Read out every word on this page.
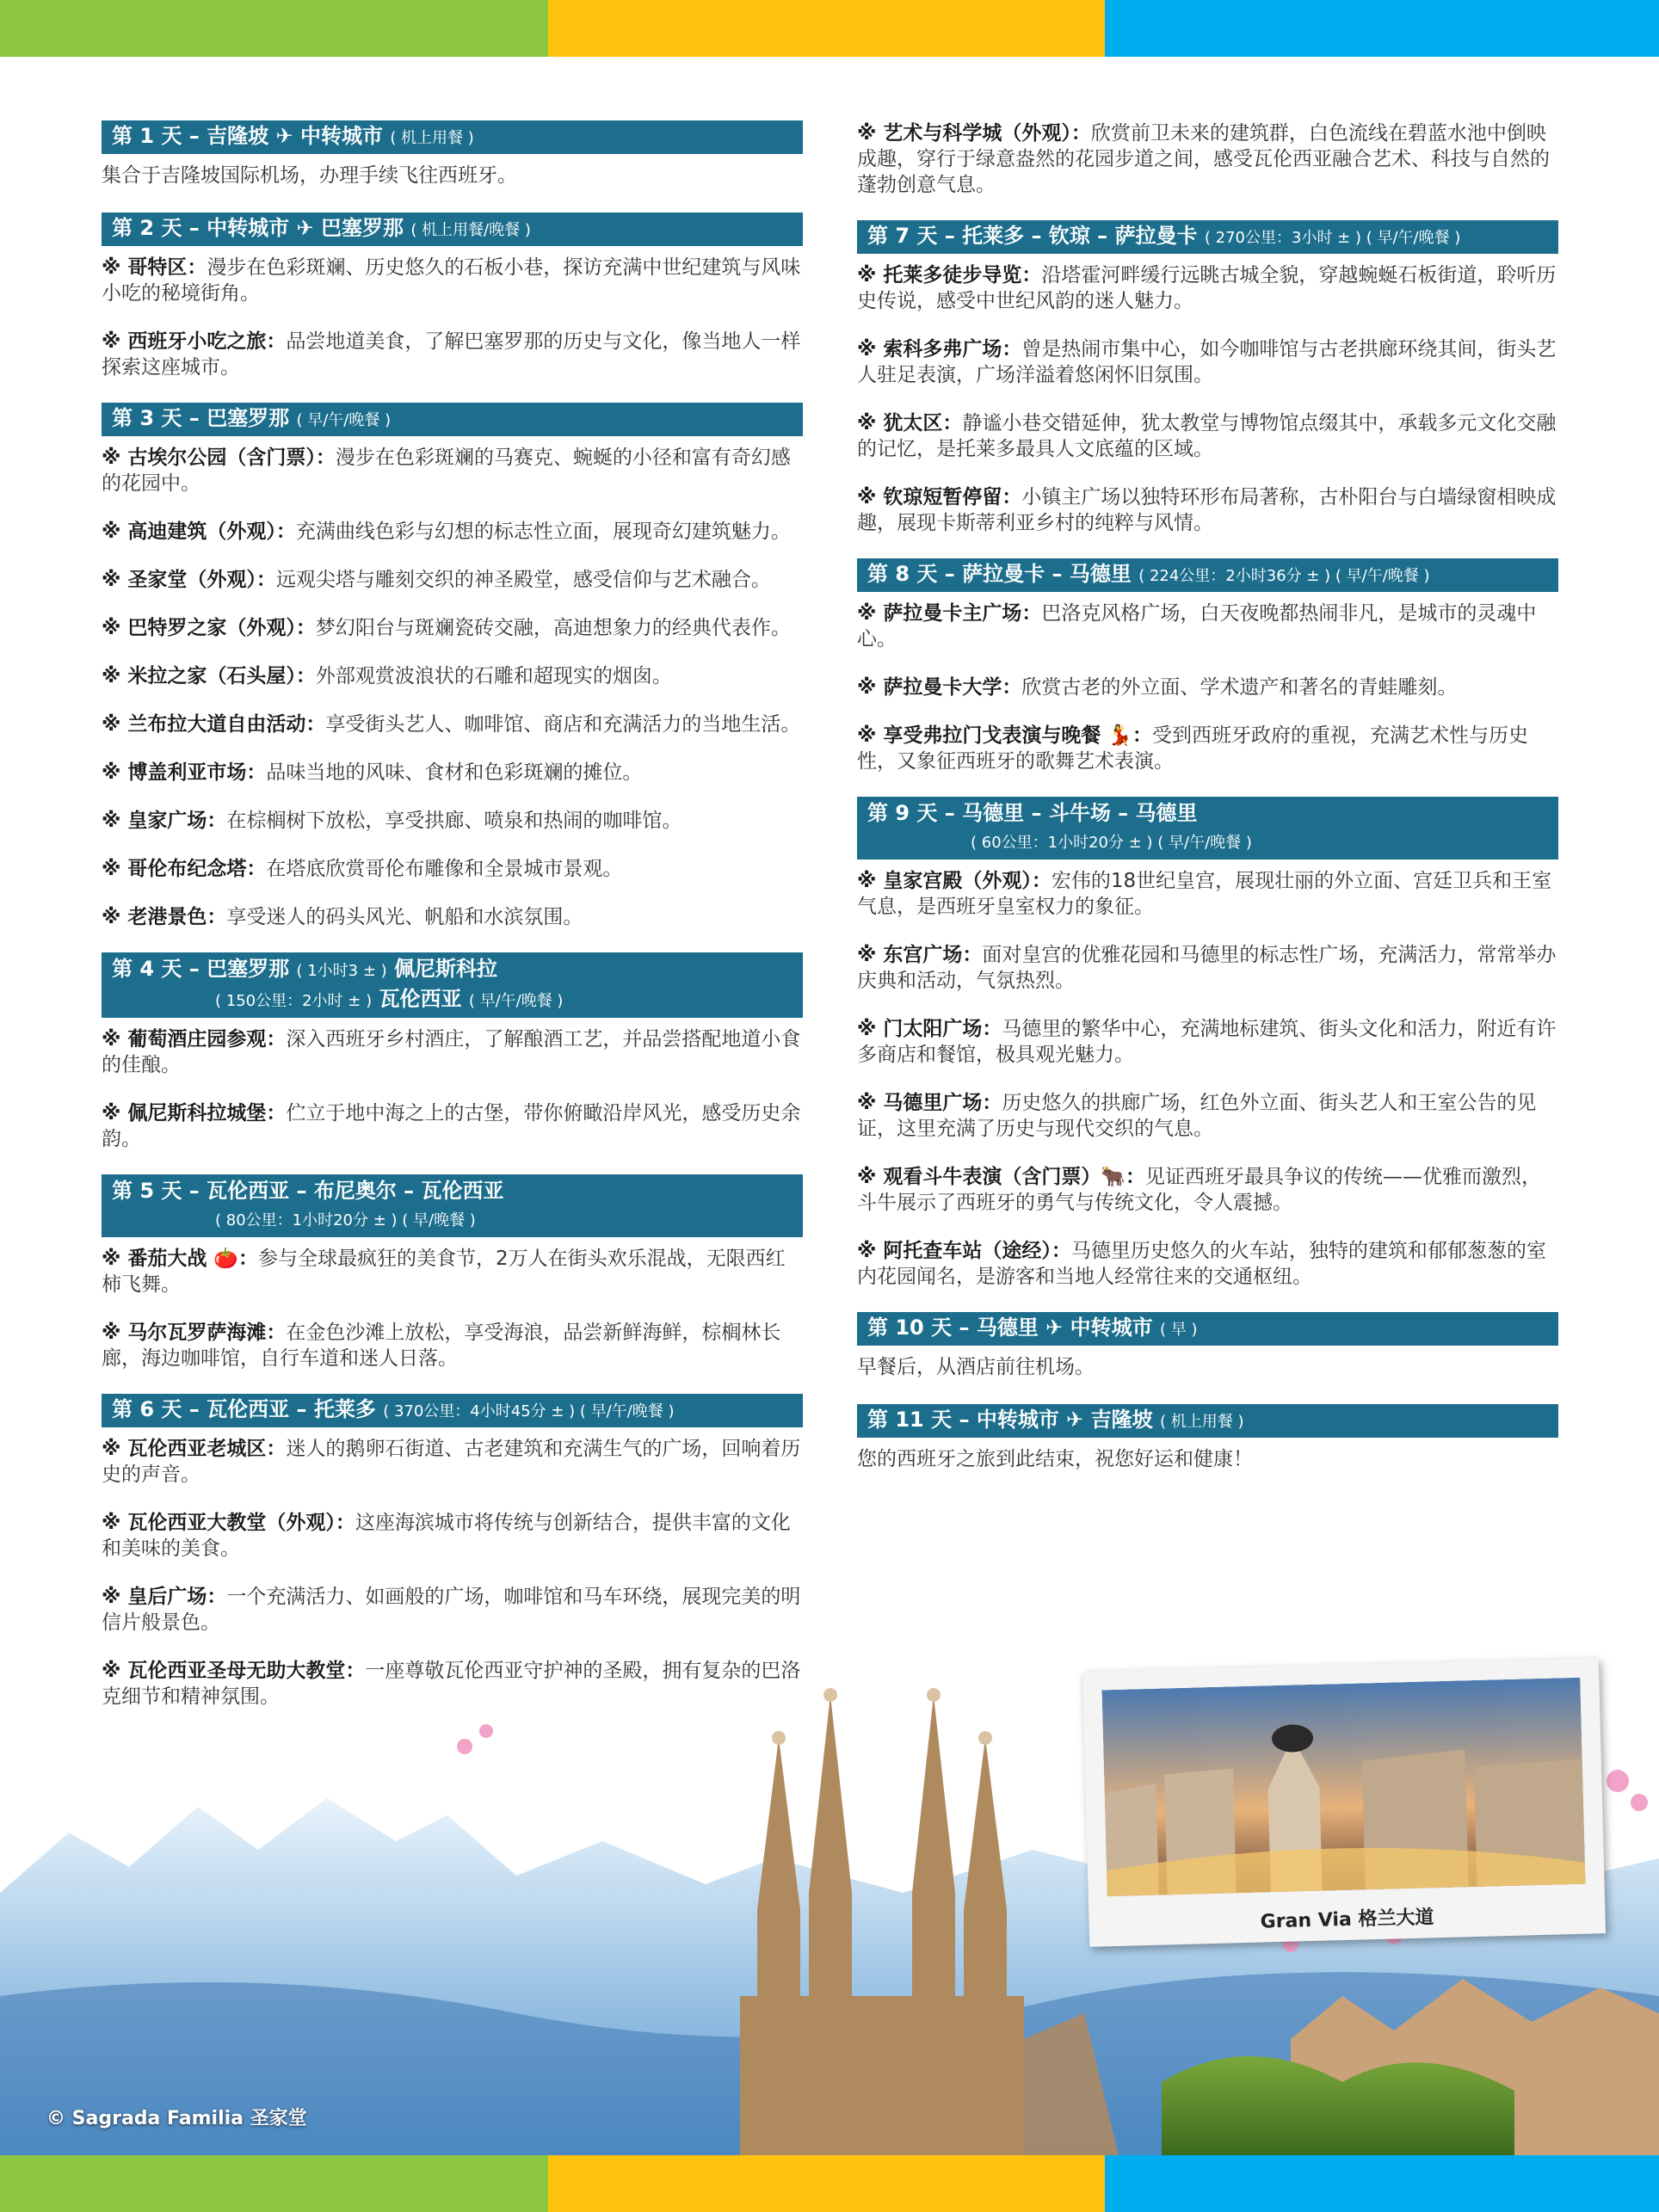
Gran Via 格兰大道
© Sagrada Familia 圣家堂
第 1 天 – 吉隆坡 ✈ 中转城市 ( 机上用餐 )
集合于吉隆坡国际机场，办理手续飞往西班牙。
第 2 天 – 中转城市 ✈ 巴塞罗那 ( 机上用餐/晚餐 )
※ 哥特区：漫步在色彩斑斓、历史悠久的石板小巷，探访充满中世纪建筑与风味小吃的秘境街角。
※ 西班牙小吃之旅：品尝地道美食，了解巴塞罗那的历史与文化，像当地人一样探索这座城市。
第 3 天 – 巴塞罗那 ( 早/午/晚餐 )
※ 古埃尔公园（含门票）：漫步在色彩斑斓的马赛克、蜿蜒的小径和富有奇幻感的花园中。
※ 高迪建筑（外观）：充满曲线色彩与幻想的标志性立面，展现奇幻建筑魅力。
※ 圣家堂（外观）：远观尖塔与雕刻交织的神圣殿堂，感受信仰与艺术融合。
※ 巴特罗之家（外观）：梦幻阳台与斑斓瓷砖交融，高迪想象力的经典代表作。
※ 米拉之家（石头屋）：外部观赏波浪状的石雕和超现实的烟囱。
※ 兰布拉大道自由活动：享受街头艺人、咖啡馆、商店和充满活力的当地生活。
※ 博盖利亚市场：品味当地的风味、食材和色彩斑斓的摊位。
※ 皇家广场：在棕榈树下放松，享受拱廊、喷泉和热闹的咖啡馆。
※ 哥伦布纪念塔：在塔底欣赏哥伦布雕像和全景城市景观。
※ 老港景色：享受迷人的码头风光、帆船和水滨氛围。
第 4 天 – 巴塞罗那 ( 1小时3 ± ) 佩尼斯科拉
( 150公里：2小时 ± ) 瓦伦西亚 ( 早/午/晚餐 )
※ 葡萄酒庄园参观：深入西班牙乡村酒庄，了解酿酒工艺，并品尝搭配地道小食的佳酿。
※ 佩尼斯科拉城堡：伫立于地中海之上的古堡，带你俯瞰沿岸风光，感受历史余韵。
第 5 天 – 瓦伦西亚 – 布尼奥尔 – 瓦伦西亚
( 80公里：1小时20分 ± ) ( 早/晚餐 )
※ 番茄大战 🍅：参与全球最疯狂的美食节，2万人在街头欢乐混战，无限西红柿飞舞。
※ 马尔瓦罗萨海滩：在金色沙滩上放松，享受海浪，品尝新鲜海鲜，棕榈林长廊，海边咖啡馆，自行车道和迷人日落。
第 6 天 – 瓦伦西亚 – 托莱多 ( 370公里：4小时45分 ± ) ( 早/午/晚餐 )
※ 瓦伦西亚老城区：迷人的鹅卵石街道、古老建筑和充满生气的广场，回响着历史的声音。
※ 瓦伦西亚大教堂（外观）：这座海滨城市将传统与创新结合，提供丰富的文化和美味的美食。
※ 皇后广场：一个充满活力、如画般的广场，咖啡馆和马车环绕，展现完美的明信片般景色。
※ 瓦伦西亚圣母无助大教堂：一座尊敬瓦伦西亚守护神的圣殿，拥有复杂的巴洛克细节和精神氛围。
※ 艺术与科学城（外观）：欣赏前卫未来的建筑群，白色流线在碧蓝水池中倒映成趣，穿行于绿意盎然的花园步道之间，感受瓦伦西亚融合艺术、科技与自然的蓬勃创意气息。
第 7 天 – 托莱多 – 钦琼 – 萨拉曼卡 ( 270公里：3小时 ± ) ( 早/午/晚餐 )
※ 托莱多徒步导览：沿塔霍河畔缓行远眺古城全貌，穿越蜿蜒石板街道，聆听历史传说，感受中世纪风韵的迷人魅力。
※ 索科多弗广场：曾是热闹市集中心，如今咖啡馆与古老拱廊环绕其间，街头艺人驻足表演，广场洋溢着悠闲怀旧氛围。
※ 犹太区：静谧小巷交错延伸，犹太教堂与博物馆点缀其中，承载多元文化交融的记忆，是托莱多最具人文底蕴的区域。
※ 钦琼短暂停留：小镇主广场以独特环形布局著称，古朴阳台与白墙绿窗相映成趣，展现卡斯蒂利亚乡村的纯粹与风情。
第 8 天 – 萨拉曼卡 – 马德里 ( 224公里：2小时36分 ± ) ( 早/午/晚餐 )
※ 萨拉曼卡主广场：巴洛克风格广场，白天夜晚都热闹非凡，是城市的灵魂中心。
※ 萨拉曼卡大学：欣赏古老的外立面、学术遗产和著名的青蛙雕刻。
※ 享受弗拉门戈表演与晚餐 💃：受到西班牙政府的重视，充满艺术性与历史性，又象征西班牙的歌舞艺术表演。
第 9 天 – 马德里 – 斗牛场 – 马德里
( 60公里：1小时20分 ± ) ( 早/午/晚餐 )
※ 皇家宫殿（外观）：宏伟的18世纪皇宫，展现壮丽的外立面、宫廷卫兵和王室气息，是西班牙皇室权力的象征。
※ 东宫广场：面对皇宫的优雅花园和马德里的标志性广场，充满活力，常常举办庆典和活动，气氛热烈。
※ 门太阳广场：马德里的繁华中心，充满地标建筑、街头文化和活力，附近有许多商店和餐馆，极具观光魅力。
※ 马德里广场：历史悠久的拱廊广场，红色外立面、街头艺人和王室公告的见证，这里充满了历史与现代交织的气息。
※ 观看斗牛表演（含门票）🐂：见证西班牙最具争议的传统——优雅而激烈，斗牛展示了西班牙的勇气与传统文化，令人震撼。
※ 阿托查车站（途经）：马德里历史悠久的火车站，独特的建筑和郁郁葱葱的室内花园闻名，是游客和当地人经常往来的交通枢纽。
第 10 天 – 马德里 ✈ 中转城市 ( 早 )
早餐后，从酒店前往机场。
第 11 天 – 中转城市 ✈ 吉隆坡 ( 机上用餐 )
您的西班牙之旅到此结束，祝您好运和健康！
